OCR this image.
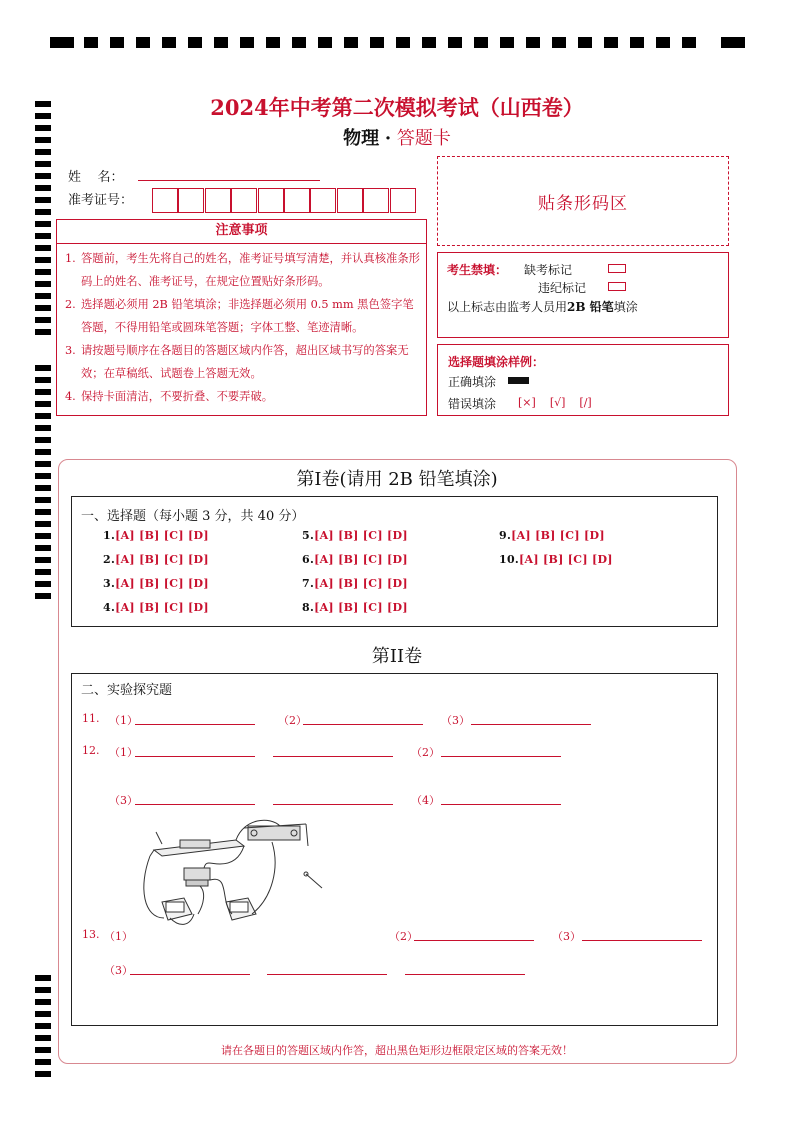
2024年中考第二次模拟考试（山西卷）
物理 · 答题卡
姓    名：
准考证号：	贴条形码区
注意事项
1. 答题前，考生先将自己的姓名，准考证号填写清楚，并认真核准条形码上的姓名、准考证号，在规定位置贴好条形码。
2. 选择题必须用 2B 铅笔填涂；非选择题必须用 0.5 mm 黑色签字笔答题，不得用铅笔或圆珠笔答题；字体工整、笔迹清晰。
3. 请按题号顺序在各题目的答题区域内作答，超出区域书写的答案无效；在草稿纸、试题卷上答题无效。
4. 保持卡面清洁，不要折叠、不要弄破。
考生禁填： 缺考标记
违纪标记
以上标志由监考人员用2B 铅笔填涂
选择题填涂样例：
正确填涂
错误填涂 [×] [√] [/]
第Ⅰ卷(请用 2B 铅笔填涂)
一、选择题（每小题 3 分，共 40 分）
1.[A] [B] [C] [D]
2.[A] [B] [C] [D]
3.[A] [B] [C] [D]
4.[A] [B] [C] [D]
5.[A] [B] [C] [D]
6.[A] [B] [C] [D]
7.[A] [B] [C] [D]
8.[A] [B] [C] [D]
9.[A] [B] [C] [D]
10.[A] [B] [C] [D]
第II卷
二、实验探究题
11. （1）	（2）	（3）
12. （1）	（2）
（3）	（4）
13. （1）	（2）	（3）
（3）
请在各题目的答题区域内作答，超出黑色矩形边框限定区域的答案无效！
